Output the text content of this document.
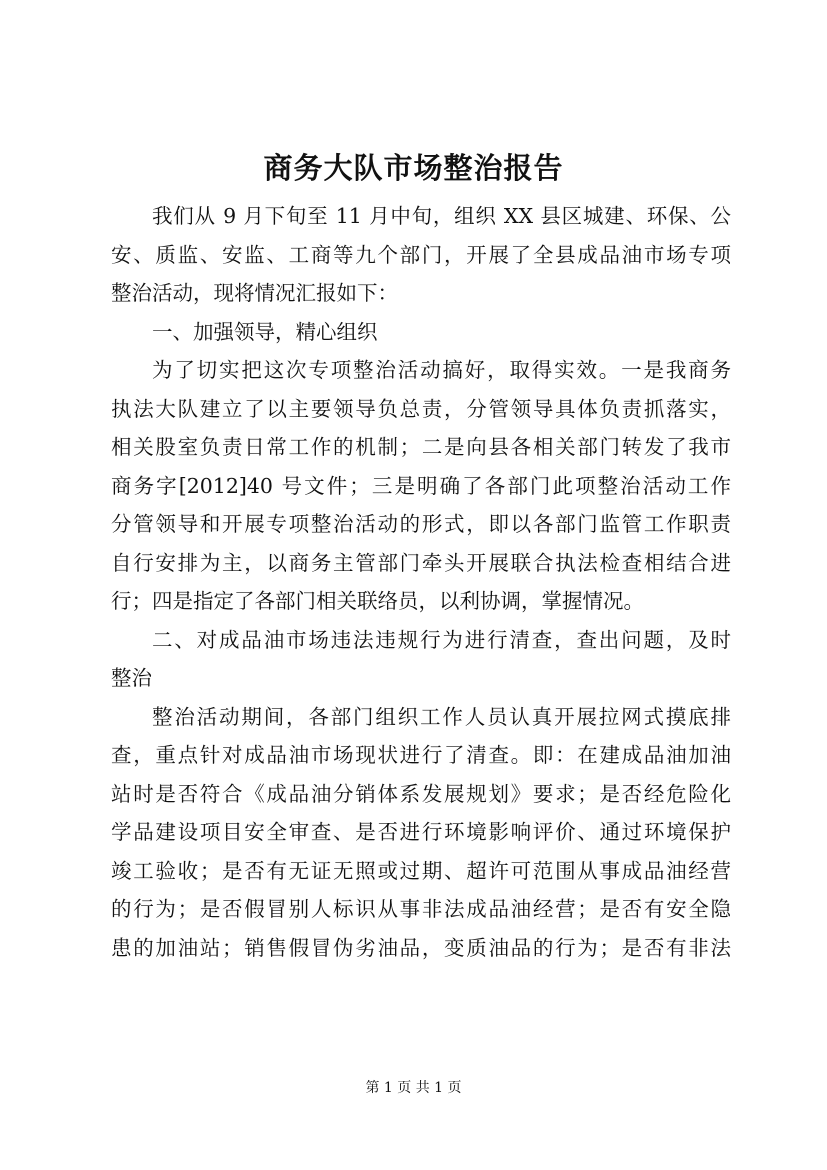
商务大队市场整治报告
我们从 9 月下旬至 11 月中旬，组织 XX 县区城建、环保、公
安、质监、安监、工商等九个部门，开展了全县成品油市场专项
整治活动，现将情况汇报如下：
一、加强领导，精心组织
为了切实把这次专项整治活动搞好，取得实效。一是我商务
执法大队建立了以主要领导负总责，分管领导具体负责抓落实，
相关股室负责日常工作的机制；二是向县各相关部门转发了我市
商务字[2012]40 号文件；三是明确了各部门此项整治活动工作
分管领导和开展专项整治活动的形式，即以各部门监管工作职责
自行安排为主，以商务主管部门牵头开展联合执法检查相结合进
行；四是指定了各部门相关联络员，以利协调，掌握情况。
二、对成品油市场违法违规行为进行清查，查出问题，及时
整治
整治活动期间，各部门组织工作人员认真开展拉网式摸底排
查，重点针对成品油市场现状进行了清查。即：在建成品油加油
站时是否符合《成品油分销体系发展规划》要求；是否经危险化
学品建设项目安全审查、是否进行环境影响评价、通过环境保护
竣工验收；是否有无证无照或过期、超许可范围从事成品油经营
的行为；是否假冒别人标识从事非法成品油经营；是否有安全隐
患的加油站；销售假冒伪劣油品，变质油品的行为；是否有非法
第 1 页 共 1 页
